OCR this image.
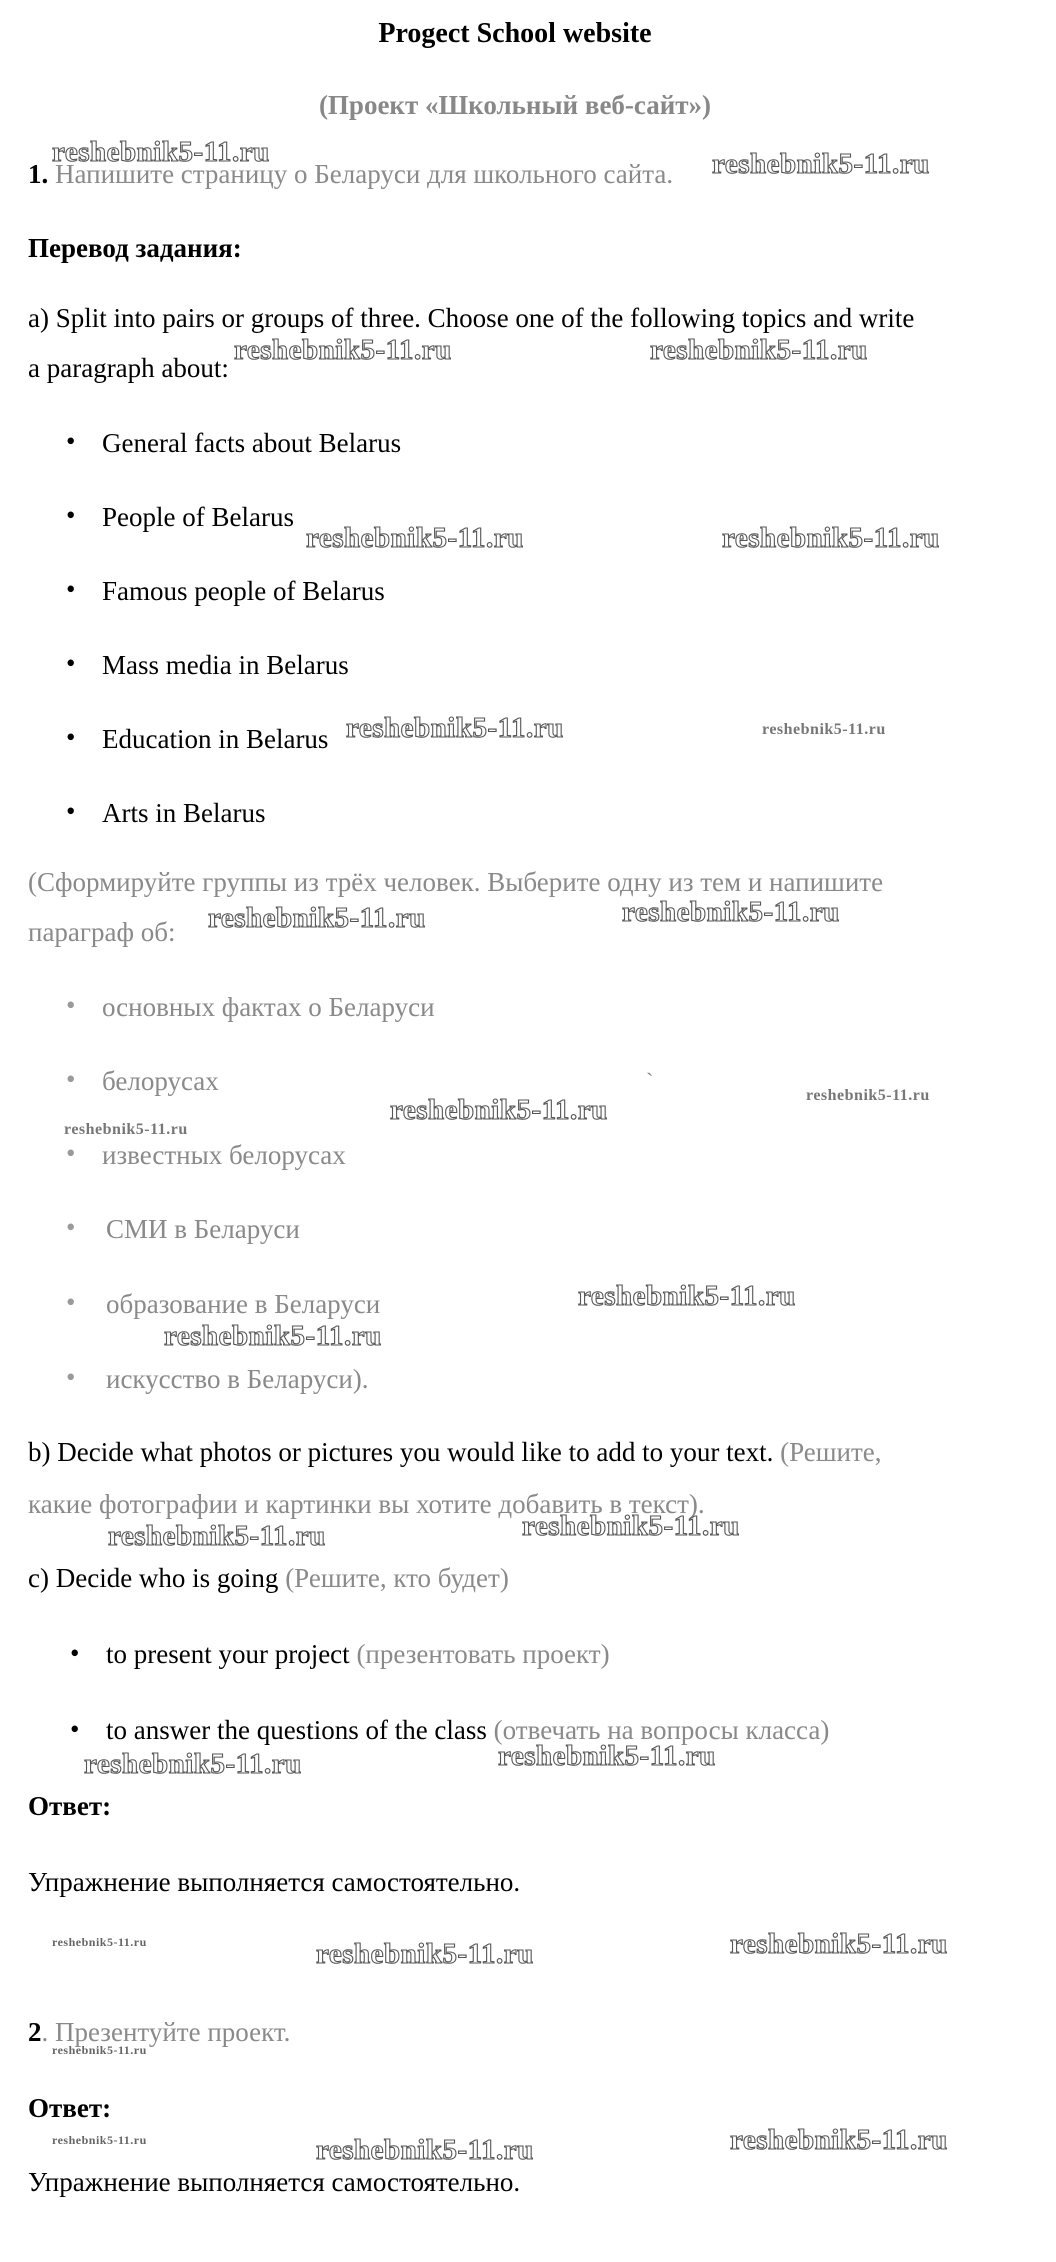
Progect School website

(Проект «Школьный веб-сайт»)

1. Напишите страницу о Беларуси для школьного сайта.

Перевод задания:

a) Split into pairs or groups of three. Choose one of the following topics and write

a paragraph about:

• General facts about Belarus

• People of Belarus

• Famous people of Belarus

• Mass media in Belarus

• Education in Belarus

• Arts in Belarus

(Сформируйте группы из трёх человек. Выберите одну из тем и напишите

параграф об:

• основных фактах о Беларуси

• белорусах

• известных белорусах

• СМИ в Беларуси

• образование в Беларуси

• искусство в Беларуси).

b) Decide what photos or pictures you would like to add to your text. (Решите,

какие фотографии и картинки вы хотите добавить в текст).

c) Decide who is going (Решите, кто будет)

• to present your project (презентовать проект)

• to answer the questions of the class (отвечать на вопросы класса)

Ответ:

Упражнение выполняется самостоятельно.

2. Презентуйте проект.

Ответ:

Упражнение выполняется самостоятельно.

`
reshebnik5-11.ru	reshebnik5-11.ru
reshebnik5-11.ru	reshebnik5-11.ru
reshebnik5-11.ru	reshebnik5-11.ru
reshebnik5-11.ru	reshebnik5-11.ru
reshebnik5-11.ru	reshebnik5-11.ru
reshebnik5-11.ru
reshebnik5-11.ru	reshebnik5-11.ru
reshebnik5-11.ru
reshebnik5-11.ru
reshebnik5-11.ru	reshebnik5-11.ru
reshebnik5-11.ru	reshebnik5-11.ru
reshebnik5-11.ru	reshebnik5-11.ru	reshebnik5-11.ru
reshebnik5-11.ru
reshebnik5-11.ru	reshebnik5-11.ru	reshebnik5-11.ru
